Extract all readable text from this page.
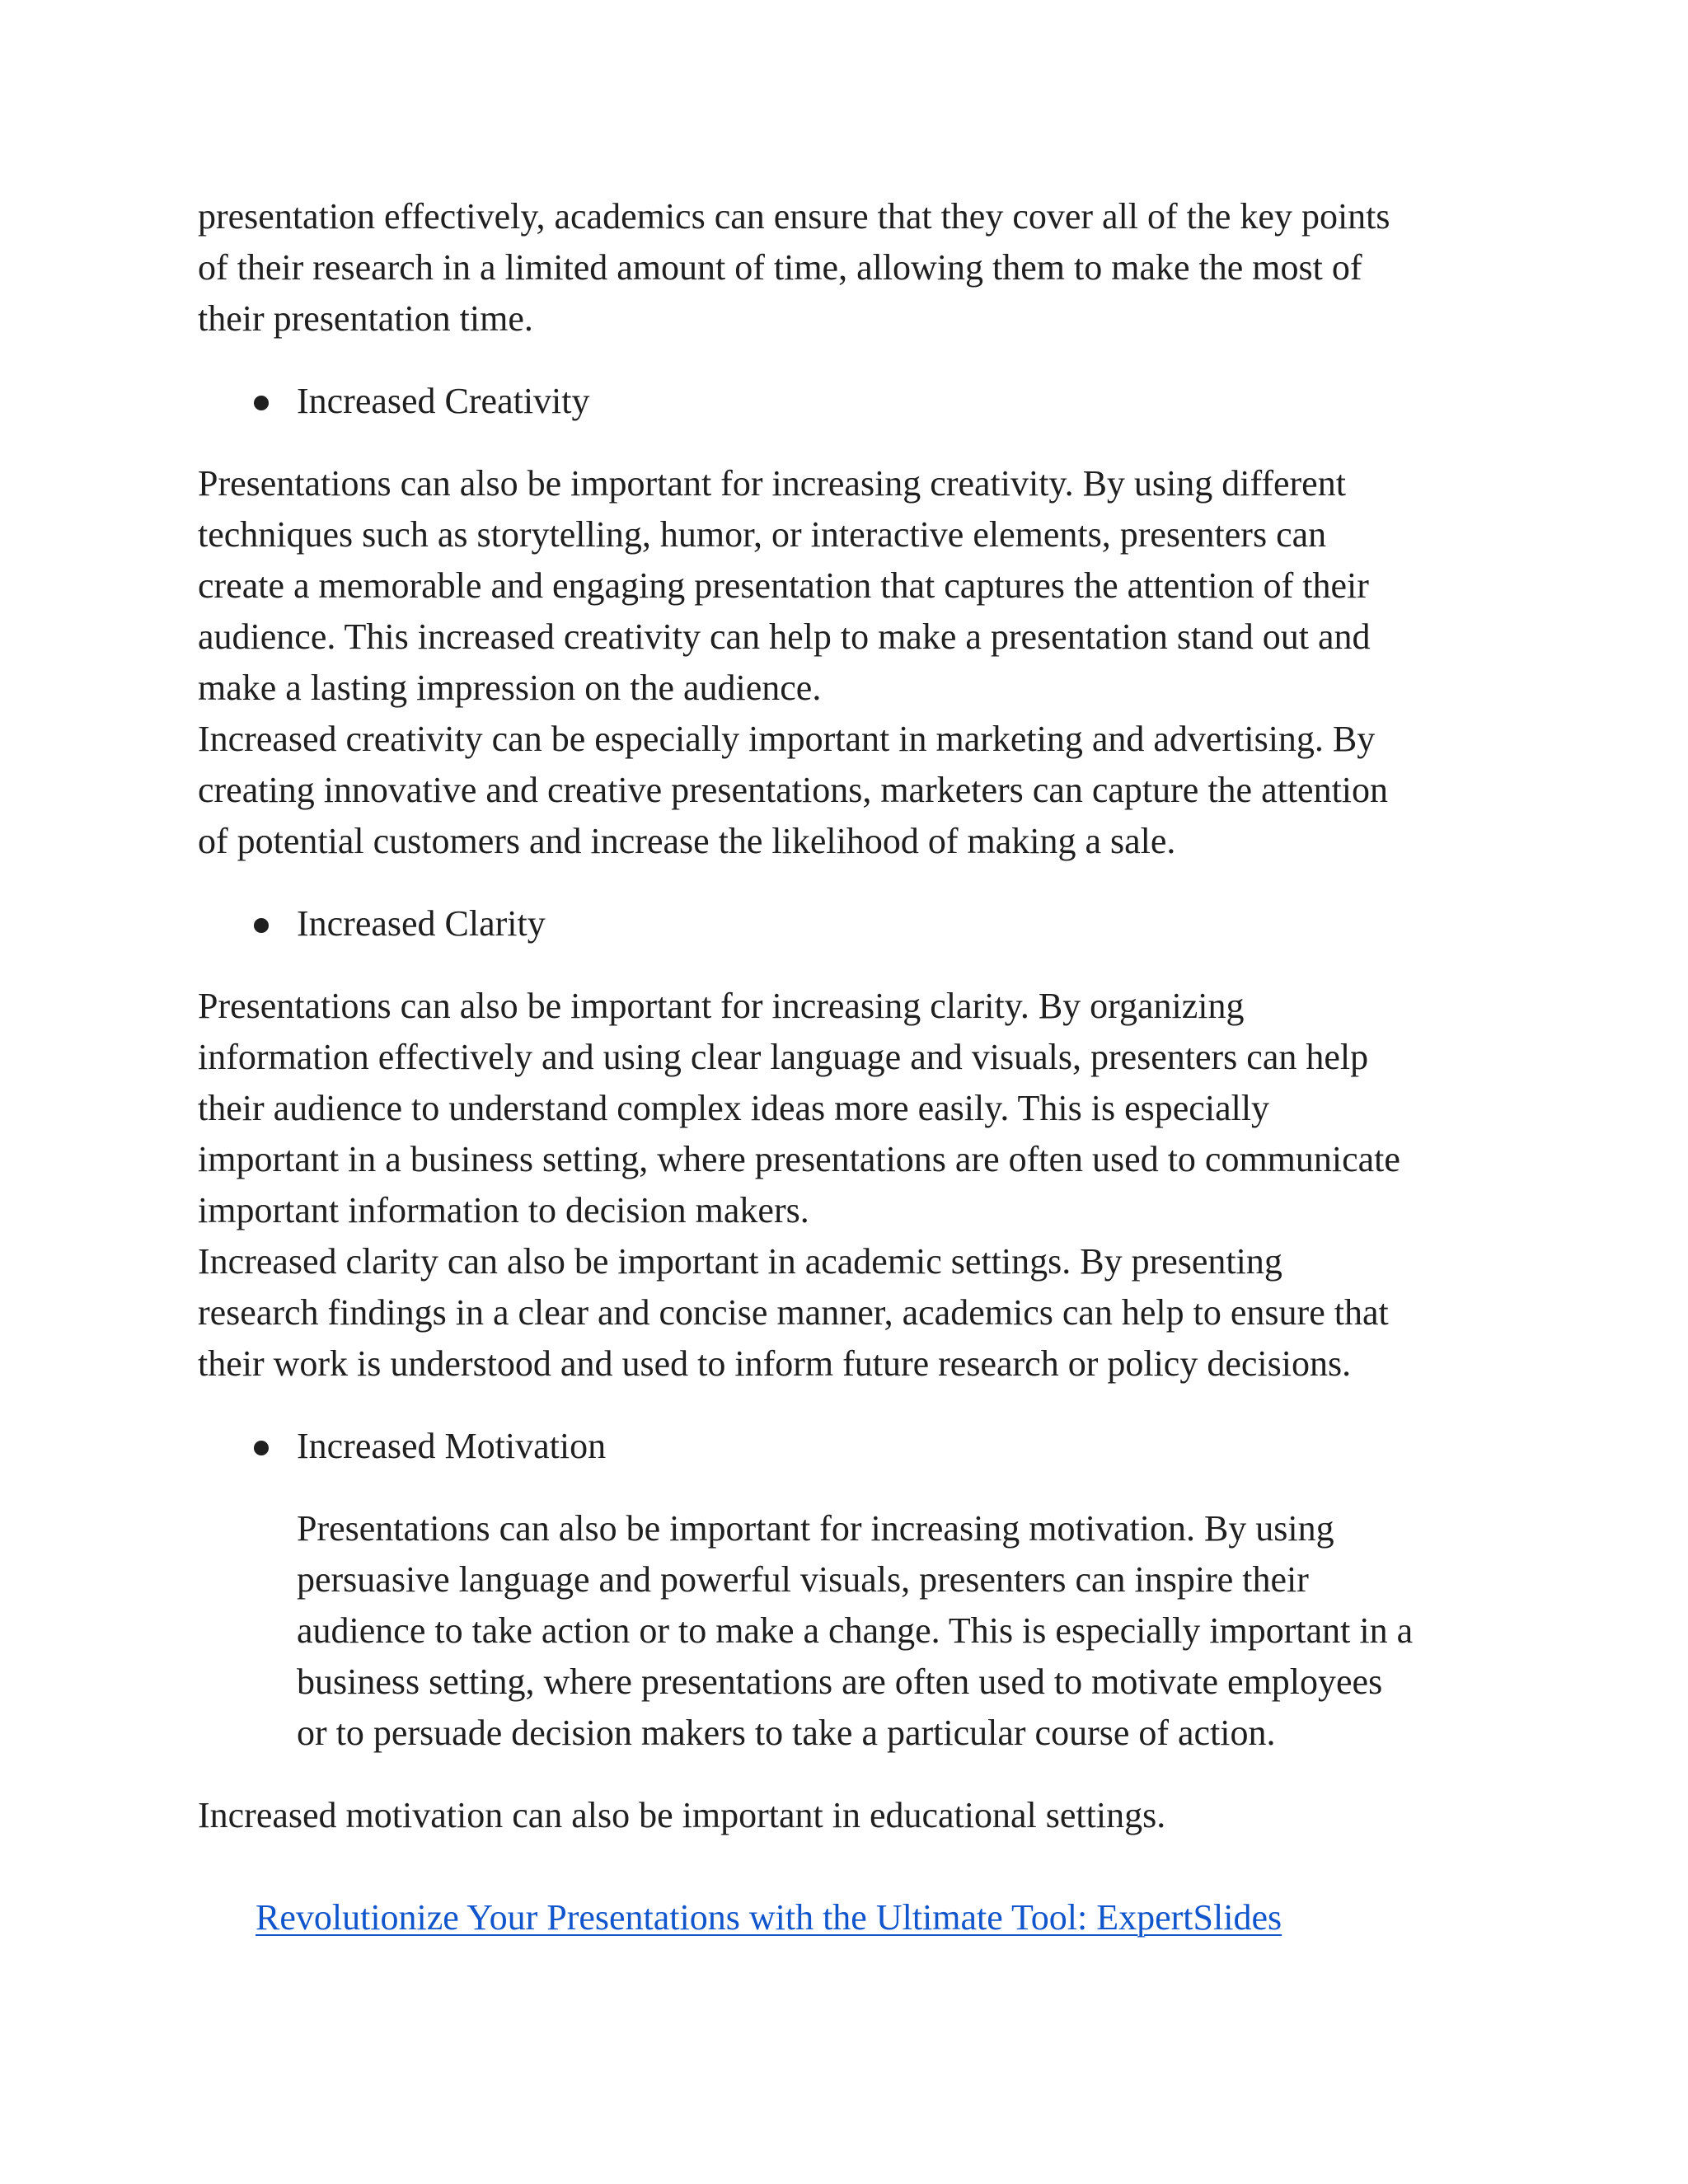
presentation effectively, academics can ensure that they cover all of the key points
of their research in a limited amount of time, allowing them to make the most of
their presentation time.

Increased Creativity

Presentations can also be important for increasing creativity. By using different
techniques such as storytelling, humor, or interactive elements, presenters can
create a memorable and engaging presentation that captures the attention of their
audience. This increased creativity can help to make a presentation stand out and
make a lasting impression on the audience.

Increased creativity can be especially important in marketing and advertising. By
creating innovative and creative presentations, marketers can capture the attention
of potential customers and increase the likelihood of making a sale.

Increased Clarity

Presentations can also be important for increasing clarity. By organizing
information effectively and using clear language and visuals, presenters can help
their audience to understand complex ideas more easily. This is especially
important in a business setting, where presentations are often used to communicate
important information to decision makers.

Increased clarity can also be important in academic settings. By presenting
research findings in a clear and concise manner, academics can help to ensure that
their work is understood and used to inform future research or policy decisions.

Increased Motivation

Presentations can also be important for increasing motivation. By using
persuasive language and powerful visuals, presenters can inspire their
audience to take action or to make a change. This is especially important in a
business setting, where presentations are often used to motivate employees
or to persuade decision makers to take a particular course of action.

Increased motivation can also be important in educational settings.

Revolutionize Your Presentations with the Ultimate Tool: ExpertSlides
